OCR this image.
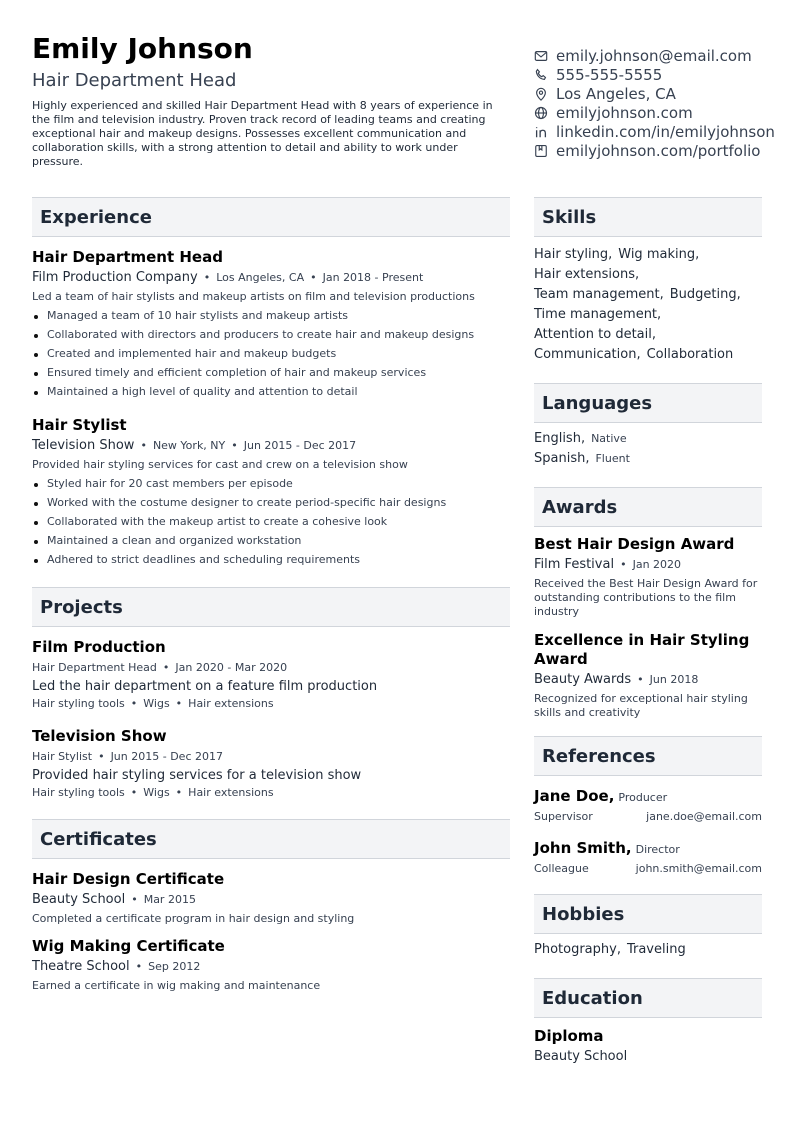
Emily Johnson
Hair Department Head
Highly experienced and skilled Hair Department Head with 8 years of experience in the film and television industry. Proven track record of leading teams and creating exceptional hair and makeup designs. Possesses excellent communication and collaboration skills, with a strong attention to detail and ability to work under pressure.
emily.johnson@email.com
555-555-5555
Los Angeles, CA
emilyjohnson.com
linkedin.com/in/emilyjohnson
emilyjohnson.com/portfolio
Experience
Hair Department Head
Film Production Company • Los Angeles, CA • Jan 2018 - Present
Led a team of hair stylists and makeup artists on film and television productions
Managed a team of 10 hair stylists and makeup artists
Collaborated with directors and producers to create hair and makeup designs
Created and implemented hair and makeup budgets
Ensured timely and efficient completion of hair and makeup services
Maintained a high level of quality and attention to detail
Hair Stylist
Television Show • New York, NY • Jun 2015 - Dec 2017
Provided hair styling services for cast and crew on a television show
Styled hair for 20 cast members per episode
Worked with the costume designer to create period-specific hair designs
Collaborated with the makeup artist to create a cohesive look
Maintained a clean and organized workstation
Adhered to strict deadlines and scheduling requirements
Projects
Film Production
Hair Department Head • Jan 2020 - Mar 2020
Led the hair department on a feature film production
Hair styling tools • Wigs • Hair extensions
Television Show
Hair Stylist • Jun 2015 - Dec 2017
Provided hair styling services for a television show
Hair styling tools • Wigs • Hair extensions
Certificates
Hair Design Certificate
Beauty School • Mar 2015
Completed a certificate program in hair design and styling
Wig Making Certificate
Theatre School • Sep 2012
Earned a certificate in wig making and maintenance
Skills
Hair styling, Wig making,
Hair extensions,
Team management, Budgeting,
Time management,
Attention to detail,
Communication, Collaboration
Languages
English, Native
Spanish, Fluent
Awards
Best Hair Design Award
Film Festival • Jan 2020
Received the Best Hair Design Award for outstanding contributions to the film industry
Excellence in Hair Styling Award
Beauty Awards • Jun 2018
Recognized for exceptional hair styling skills and creativity
References
Jane Doe, Producer
Supervisor	jane.doe@email.com
John Smith, Director
Colleague	john.smith@email.com
Hobbies
Photography, Traveling
Education
Diploma
Beauty School
